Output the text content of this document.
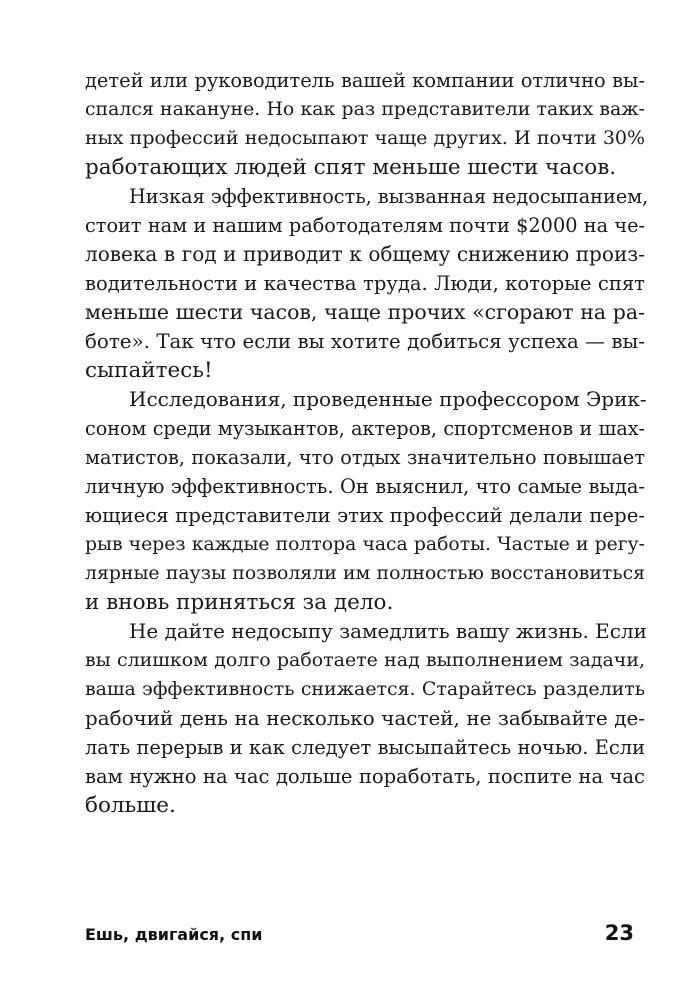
детей или руководитель вашей компании отлично вы-
спался накануне. Но как раз представители таких важ-
ных профессий недосыпают чаще других. И почти 30%
работающих людей спят меньше шести часов.
Низкая эффективность, вызванная недосыпанием,
стоит нам и нашим работодателям почти $2000 на че-
ловека в год и приводит к общему снижению произ-
водительности и качества труда. Люди, которые спят
меньше шести часов, чаще прочих «сгорают на ра-
боте». Так что если вы хотите добиться успеха — вы-
сыпайтесь!
Исследования, проведенные профессором Эрик-
соном среди музыкантов, актеров, спортсменов и шах-
матистов, показали, что отдых значительно повышает
личную эффективность. Он выяснил, что самые выда-
ющиеся представители этих профессий делали пере-
рыв через каждые полтора часа работы. Частые и регу-
лярные паузы позволяли им полностью восстановиться
и вновь приняться за дело.
Не дайте недосыпу замедлить вашу жизнь. Если
вы слишком долго работаете над выполнением задачи,
ваша эффективность снижается. Старайтесь разделить
рабочий день на несколько частей, не забывайте де-
лать перерыв и как следует высыпайтесь ночью. Если
вам нужно на час дольше поработать, поспите на час
больше.
Ешь, двигайся, спи	23
